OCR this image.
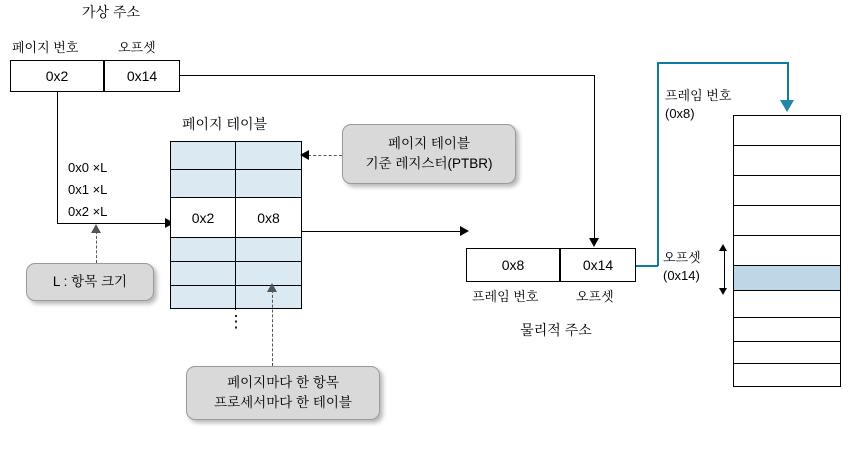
가상 주소
페이지 번호	오프셋
0x2	0x14
페이지 테이블
0x2	0x8
⋮
0x0 ×L
0x1 ×L
0x2 ×L
L : 항목 크기
페이지 테이블
기준 레지스터(PTBR)
페이지마다 한 항목
프로세서마다 한 테이블
0x8	0x14
프레임 번호	오프셋
물리적 주소
프레임 번호
(0x8)
오프셋
(0x14)
